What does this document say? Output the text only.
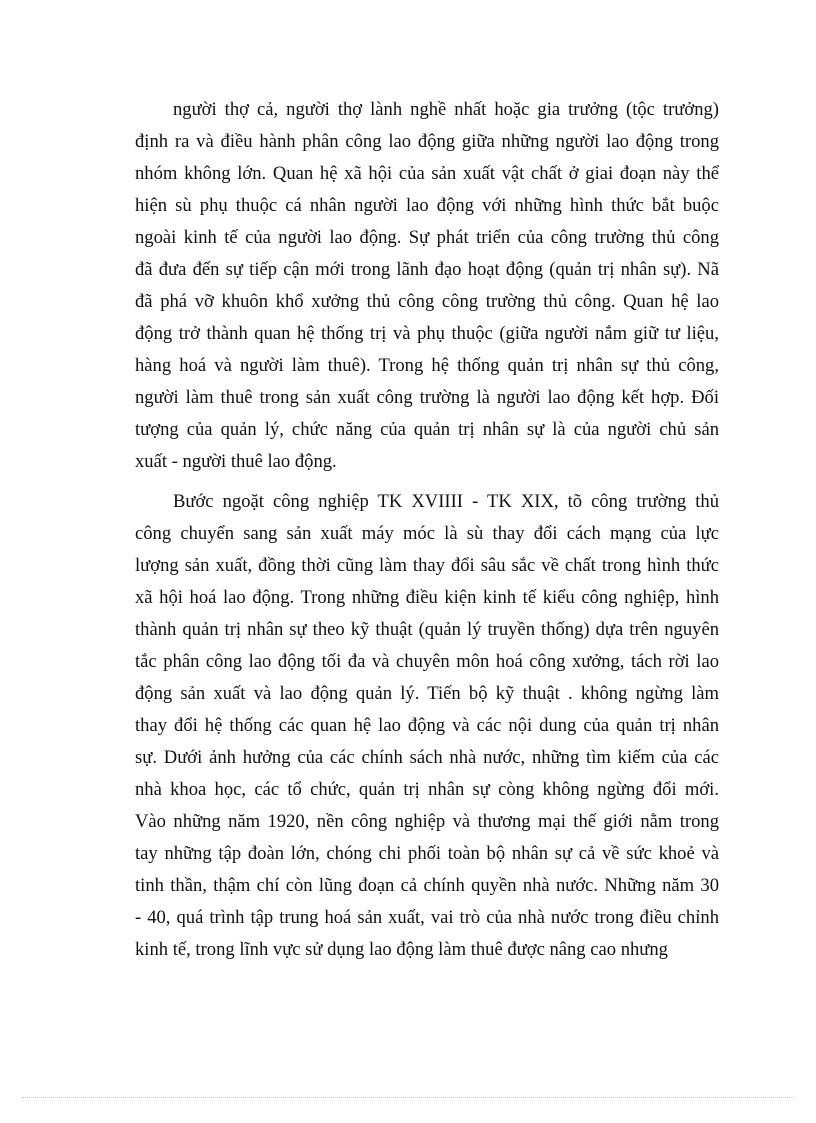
người thợ cả, người thợ lành nghề nhất hoặc gia trưởng (tộc trưởng)
định ra và điều hành phân công lao động giữa những người lao động trong
nhóm không lớn. Quan hệ xã hội của sản xuất vật chất ở giai đoạn này thể
hiện sù phụ thuộc cá nhân người lao động với những hình thức bắt buộc
ngoài kinh tế của người lao động. Sự phát triển của công trường thủ công
đã đưa đến sự tiếp cận mới trong lãnh đạo hoạt động (quản trị nhân sự). Nã
đã phá vỡ khuôn khổ xưởng thủ công công trường thủ công. Quan hệ lao
động trở thành quan hệ thống trị và phụ thuộc (giữa người nắm giữ tư liệu,
hàng hoá và người làm thuê). Trong hệ thống quản trị nhân sự thủ công,
người làm thuê trong sản xuất công trường là người lao động kết hợp. Đối
tượng của quản lý, chức năng của quản trị nhân sự là của người chủ sản
xuất - người thuê lao động.

Bước ngoặt công nghiệp TK XVIIII - TK XIX, tõ công trường thủ
công chuyển sang sản xuất máy móc là sù thay đổi cách mạng của lực
lượng sản xuất, đồng thời cũng làm thay đổi sâu sắc về chất trong hình thức
xã hội hoá lao động. Trong những điều kiện kinh tế kiểu công nghiệp, hình
thành quản trị nhân sự theo kỹ thuật (quản lý truyền thống) dựa trên nguyên
tắc phân công lao động tối đa và chuyên môn hoá công xưởng, tách rời lao
động sản xuất và lao động quản lý. Tiến bộ kỹ thuật . không ngừng làm
thay đổi hệ thống các quan hệ lao động và các nội dung của quản trị nhân
sự. Dưới ảnh hưởng của các chính sách nhà nước, những tìm kiếm của các
nhà khoa học, các tổ chức, quản trị nhân sự còng không ngừng đổi mới.
Vào những năm 1920, nền công nghiệp và thương mại thế giới nằm trong
tay những tập đoàn lớn, chóng chi phối toàn bộ nhân sự cả về sức khoẻ và
tinh thần, thậm chí còn lũng đoạn cả chính quyền nhà nước. Những năm 30
- 40, quá trình tập trung hoá sản xuất, vai trò của nhà nước trong điều chỉnh
kinh tế, trong lĩnh vực sử dụng lao động làm thuê được nâng cao nhưng
